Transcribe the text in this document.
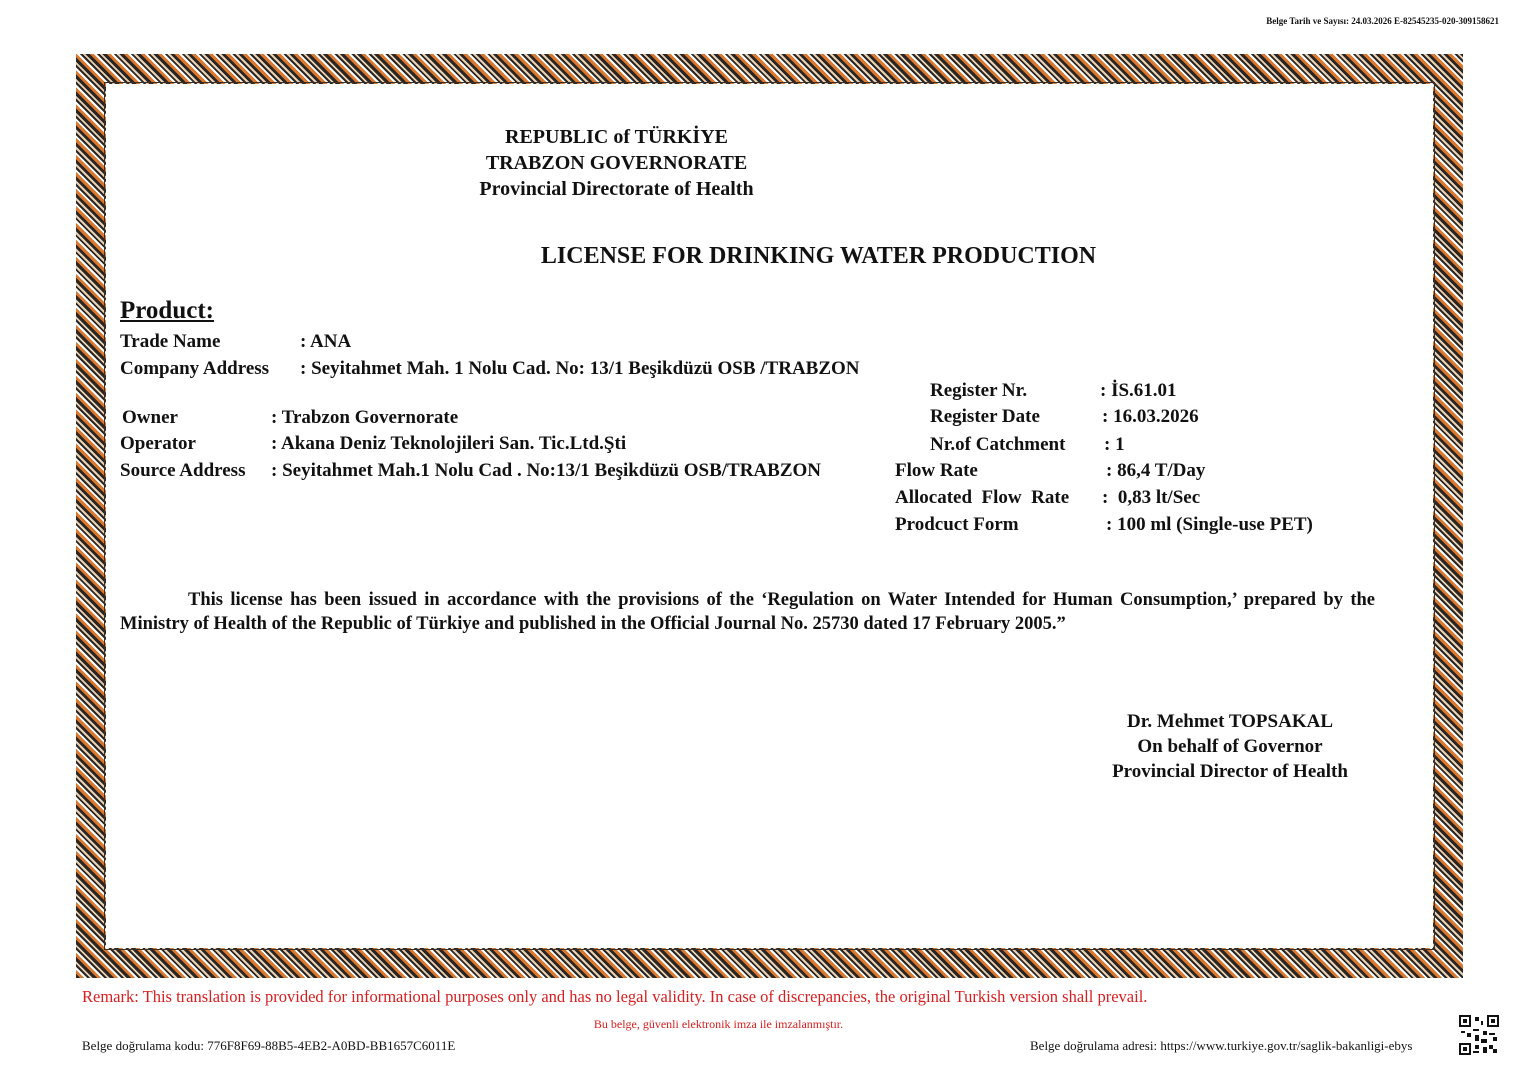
Belge Tarih ve Sayısı: 24.03.2026 E-82545235-020-309158621
REPUBLIC of TÜRKİYE
TRABZON GOVERNORATE
Provincial Directorate of Health
LICENSE FOR DRINKING WATER PRODUCTION
Product:
Trade Name	: ANA
Company Address : Seyitahmet Mah. 1 Nolu Cad. No: 13/1 Beşikdüzü OSB /TRABZON
Owner	: Trabzon Governorate
Operator	: Akana Deniz Teknolojileri San. Tic.Ltd.Şti
Source Address : Seyitahmet Mah.1 Nolu Cad . No:13/1 Beşikdüzü OSB/TRABZON
Register Nr.	: İS.61.01
Register Date	: 16.03.2026
Nr.of Catchment : 1
Flow Rate	: 86,4 T/Day
Allocated  Flow  Rate :  0,83 lt/Sec
Prodcuct Form	: 100 ml (Single-use PET)
This license has been issued in accordance with the provisions of the ‘Regulation on Water Intended for Human Consumption,’ prepared by the Ministry of Health of the Republic of Türkiye and published in the Official Journal No. 25730 dated 17 February 2005.”
Dr. Mehmet TOPSAKAL
On behalf of Governor
Provincial Director of Health
Remark: This translation is provided for informational purposes only and has no legal validity. In case of discrepancies, the original Turkish version shall prevail.
Bu belge, güvenli elektronik imza ile imzalanmıştır.
Belge doğrulama kodu: 776F8F69-88B5-4EB2-A0BD-BB1657C6011E	Belge doğrulama adresi: https://www.turkiye.gov.tr/saglik-bakanligi-ebys
